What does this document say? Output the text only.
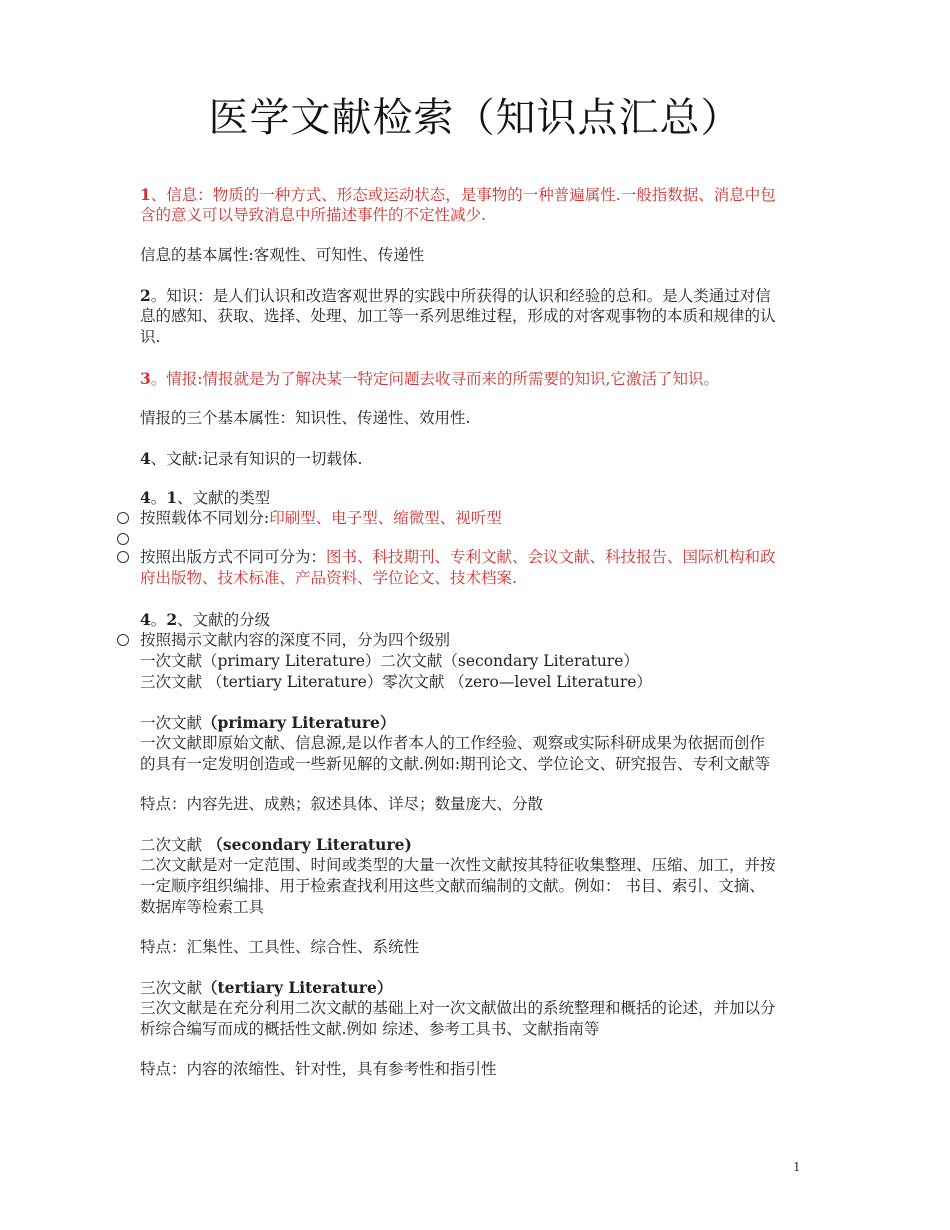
医学文献检索（知识点汇总）
1、信息：物质的一种方式、形态或运动状态，是事物的一种普遍属性.一般指数据、消息中包
含的意义可以导致消息中所描述事件的不定性减少.
信息的基本属性:客观性、可知性、传递性
2。知识：是人们认识和改造客观世界的实践中所获得的认识和经验的总和。是人类通过对信
息的感知、获取、选择、处理、加工等一系列思维过程，形成的对客观事物的本质和规律的认
识.
3。情报:情报就是为了解决某一特定问题去收寻而来的所需要的知识,它激活了知识。
情报的三个基本属性：知识性、传递性、效用性.
4、文献:记录有知识的一切载体.
4。1、文献的类型
按照载体不同划分:印刷型、电子型、缩微型、视听型
按照出版方式不同可分为：图书、科技期刊、专利文献、会议文献、科技报告、国际机构和政
府出版物、技术标准、产品资料、学位论文、技术档案.
4。2、文献的分级
按照揭示文献内容的深度不同，分为四个级别
一次文献（primary Literature）二次文献（secondary Literature）
三次文献 （tertiary Literature）零次文献 （zero—level Literature）
一次文献（primary Literature）
一次文献即原始文献、信息源,是以作者本人的工作经验、观察或实际科研成果为依据而创作
的具有一定发明创造或一些新见解的文献.例如:期刊论文、学位论文、研究报告、专利文献等
特点：内容先进、成熟；叙述具体、详尽；数量庞大、分散
二次文献 （secondary Literature)
二次文献是对一定范围、时间或类型的大量一次性文献按其特征收集整理、压缩、加工，并按
一定顺序组织编排、用于检索查找利用这些文献而编制的文献。例如： 书目、索引、文摘、
数据库等检索工具
特点：汇集性、工具性、综合性、系统性
三次文献（tertiary Literature）
三次文献是在充分利用二次文献的基础上对一次文献做出的系统整理和概括的论述，并加以分
析综合编写而成的概括性文献.例如 综述、参考工具书、文献指南等
特点：内容的浓缩性、针对性，具有参考性和指引性
1
